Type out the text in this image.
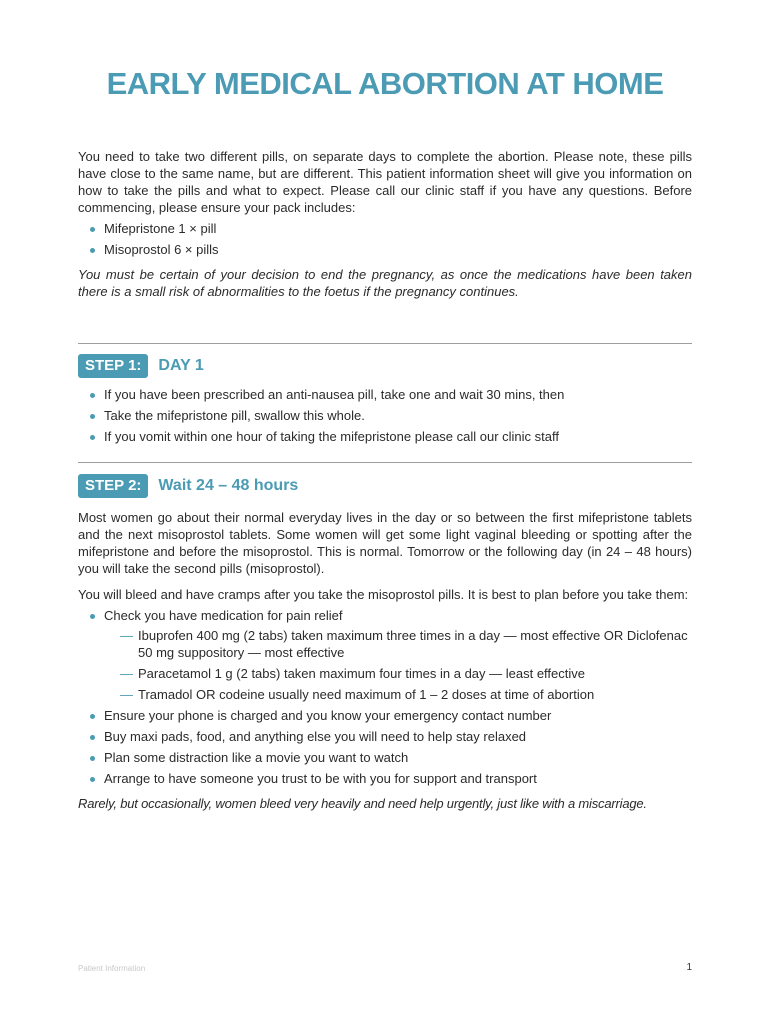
EARLY MEDICAL ABORTION AT HOME

You need to take two different pills, on separate days to complete the abortion. Please note, these pills have close to the same name, but are different. This patient information sheet will give you information on how to take the pills and what to expect. Please call our clinic staff if you have any questions. Before commencing, please ensure your pack includes:

Mifepristone 1 × pill
Misoprostol 6 × pills

You must be certain of your decision to end the pregnancy, as once the medications have been taken there is a small risk of abnormalities to the foetus if the pregnancy continues.

STEP 1:	DAY 1
If you have been prescribed an anti-nausea pill, take one and wait 30 mins, then
Take the mifepristone pill, swallow this whole.
If you vomit within one hour of taking the mifepristone please call our clinic staff
STEP 2:	Wait 24 – 48 hours

Most women go about their normal everyday lives in the day or so between the first mifepristone tablets and the next misoprostol tablets. Some women will get some light vaginal bleeding or spotting after the mifepristone and before the misoprostol. This is normal. Tomorrow or the following day (in 24 – 48 hours) you will take the second pills (misoprostol).

You will bleed and have cramps after you take the misoprostol pills. It is best to plan before you take them:

Check you have medication for pain relief
— Ibuprofen 400 mg (2 tabs) taken maximum three times in a day — most effective OR Diclofenac 50 mg suppository — most effective
— Paracetamol 1 g (2 tabs) taken maximum four times in a day — least effective
— Tramadol OR codeine usually need maximum of 1 – 2 doses at time of abortion
Ensure your phone is charged and you know your emergency contact number
Buy maxi pads, food, and anything else you will need to help stay relaxed
Plan some distraction like a movie you want to watch
Arrange to have someone you trust to be with you for support and transport

Rarely, but occasionally, women bleed very heavily and need help urgently, just like with a miscarriage.

Patient Information	1
